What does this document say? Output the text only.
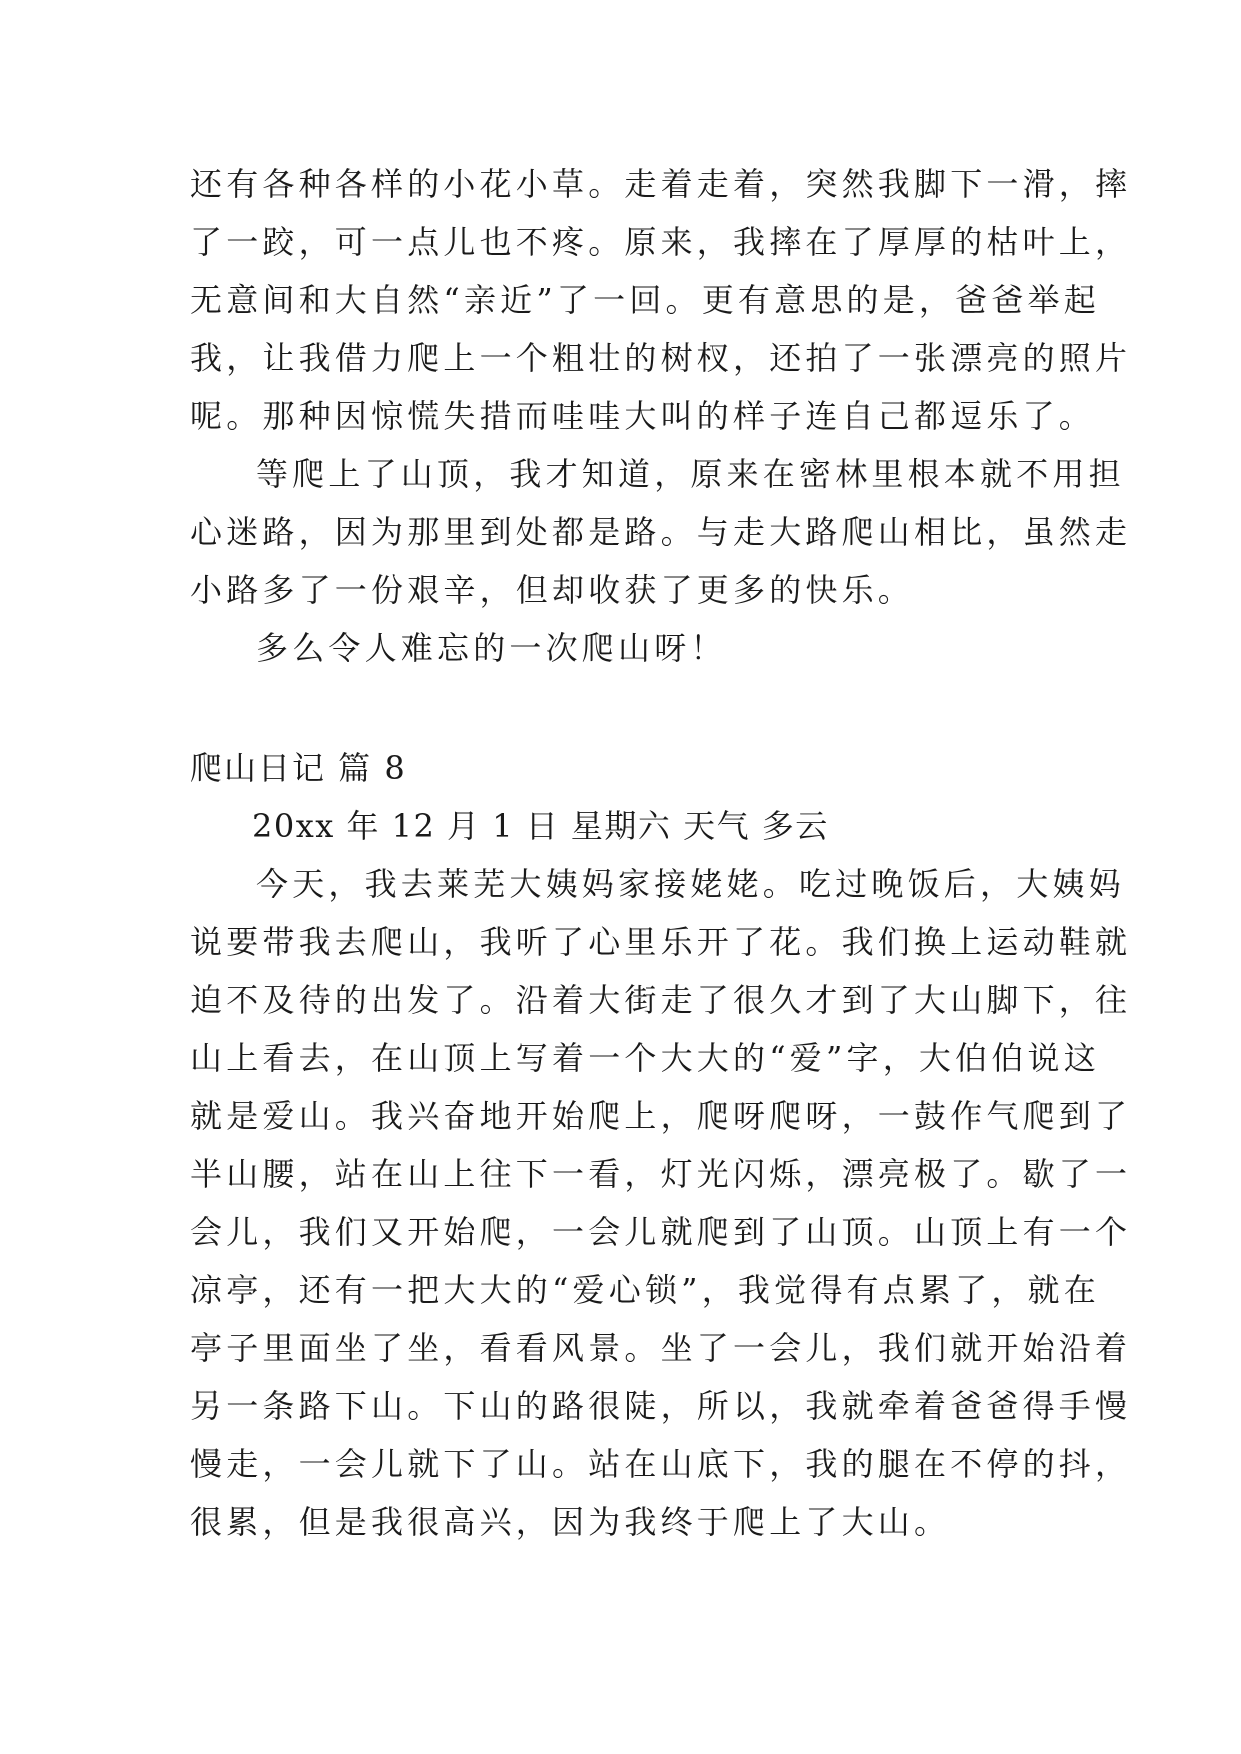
还有各种各样的小花小草。走着走着，突然我脚下一滑，摔
了一跤，可一点儿也不疼。原来，我摔在了厚厚的枯叶上，
无意间和大自然“亲近”了一回。更有意思的是，爸爸举起
我，让我借力爬上一个粗壮的树杈，还拍了一张漂亮的照片
呢。那种因惊慌失措而哇哇大叫的样子连自己都逗乐了。
等爬上了山顶，我才知道，原来在密林里根本就不用担
心迷路，因为那里到处都是路。与走大路爬山相比，虽然走
小路多了一份艰辛，但却收获了更多的快乐。
多么令人难忘的一次爬山呀！
爬山日记 篇 8
20xx 年 12 月 1 日 星期六 天气 多云
今天，我去莱芜大姨妈家接姥姥。吃过晚饭后，大姨妈
说要带我去爬山，我听了心里乐开了花。我们换上运动鞋就
迫不及待的出发了。沿着大街走了很久才到了大山脚下，往
山上看去，在山顶上写着一个大大的“爱”字，大伯伯说这
就是爱山。我兴奋地开始爬上，爬呀爬呀，一鼓作气爬到了
半山腰，站在山上往下一看，灯光闪烁，漂亮极了。歇了一
会儿，我们又开始爬，一会儿就爬到了山顶。山顶上有一个
凉亭，还有一把大大的“爱心锁”，我觉得有点累了，就在
亭子里面坐了坐，看看风景。坐了一会儿，我们就开始沿着
另一条路下山。下山的路很陡，所以，我就牵着爸爸得手慢
慢走，一会儿就下了山。站在山底下，我的腿在不停的抖，
很累，但是我很高兴，因为我终于爬上了大山。
